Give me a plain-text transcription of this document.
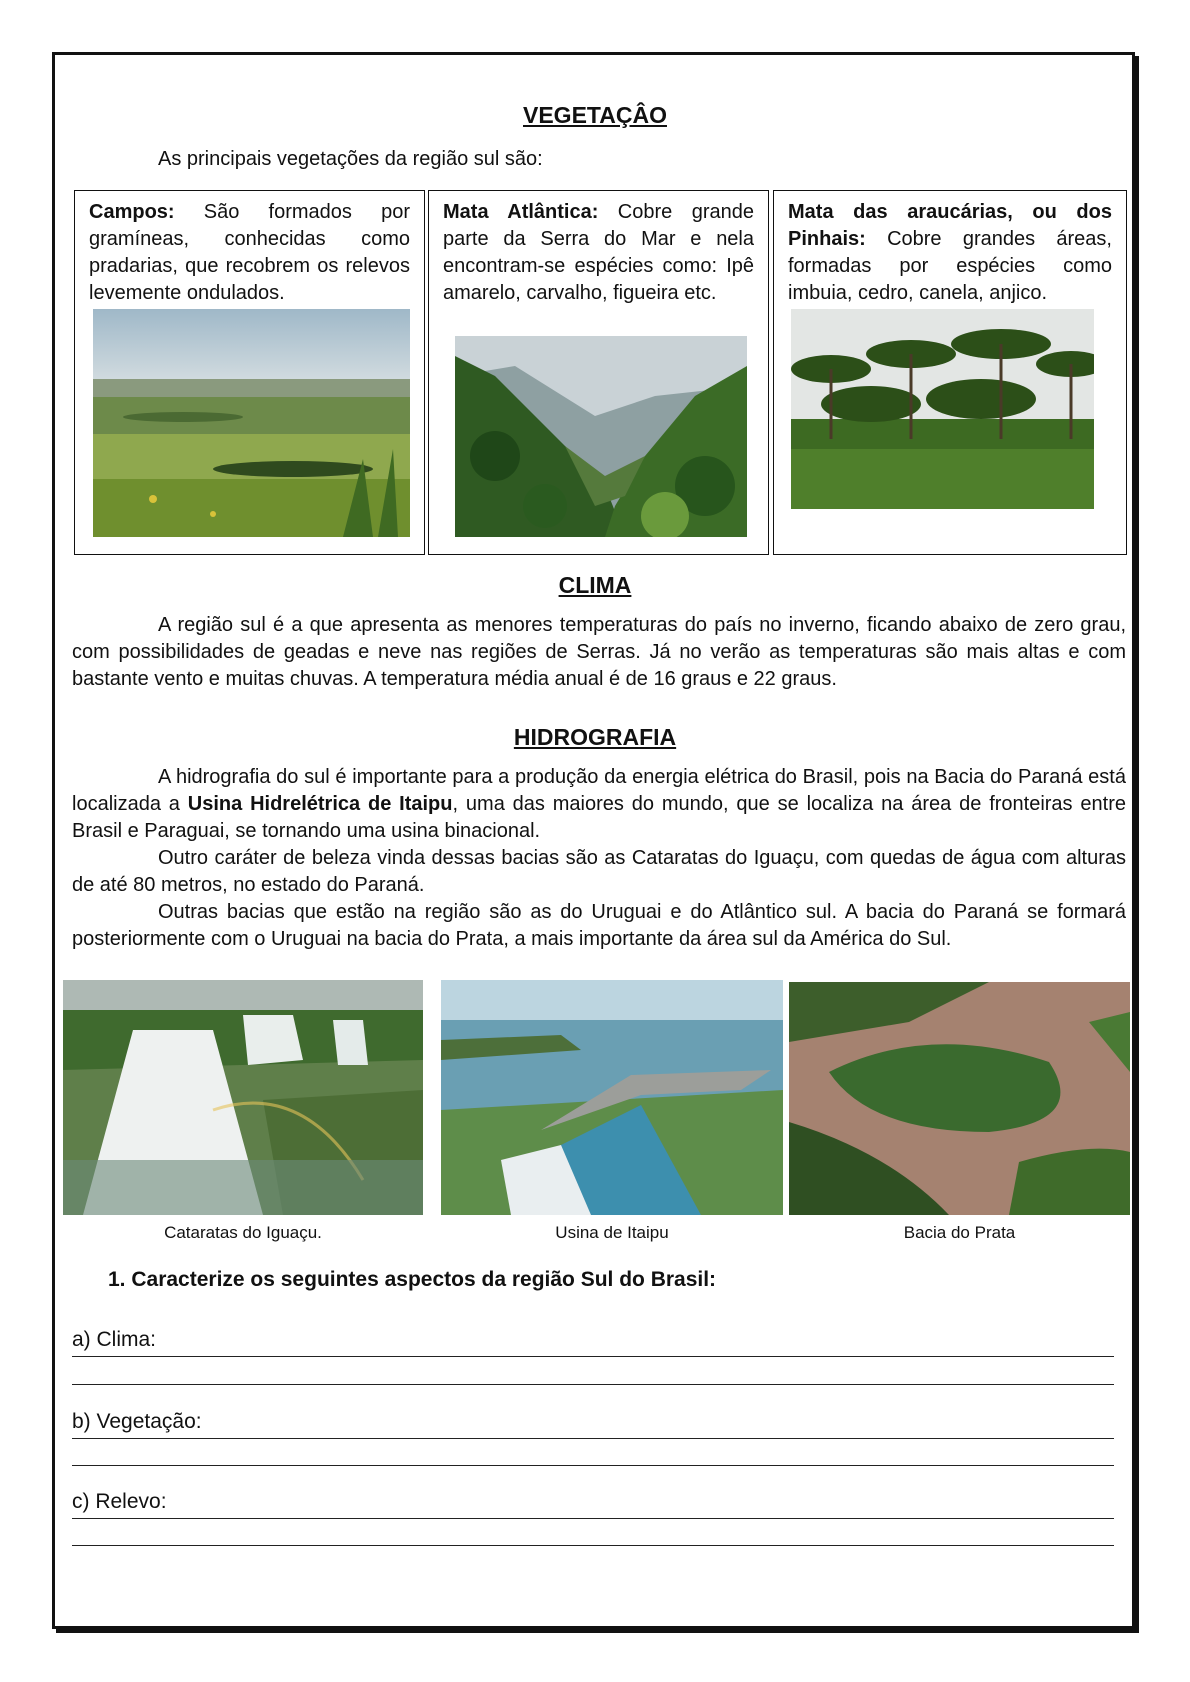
VEGETAÇÂO

As principais vegetações da região sul são:

Campos: São formados por gramíneas, conhecidas como pradarias, que recobrem os relevos levemente ondulados.

Mata Atlântica: Cobre grande parte da Serra do Mar e nela encontram-se espécies como: Ipê amarelo, carvalho, figueira etc.

Mata das araucárias, ou dos Pinhais: Cobre grandes áreas, formadas por espécies como imbuia, cedro, canela, anjico.

CLIMA

A região sul é a que apresenta as menores temperaturas do país no inverno, ficando abaixo de zero grau, com possibilidades de geadas e neve nas regiões de Serras. Já no verão as temperaturas são mais altas e com bastante vento e muitas chuvas. A temperatura média anual é de 16 graus e 22 graus.

HIDROGRAFIA

A hidrografia do sul é importante para a produção da energia elétrica do Brasil, pois na Bacia do Paraná está localizada a Usina Hidrelétrica de Itaipu, uma das maiores do mundo, que se localiza na área de fronteiras entre Brasil e Paraguai, se tornando uma usina binacional.

Outro caráter de beleza vinda dessas bacias são as Cataratas do Iguaçu, com quedas de água com alturas de até 80 metros, no estado do Paraná.

Outras bacias que estão na região são as do Uruguai e do Atlântico sul. A bacia do Paraná se formará posteriormente com o Uruguai na bacia do Prata, a mais importante da área sul da América do Sul.

Cataratas do Iguaçu.	Usina de Itaipu	Bacia do Prata
1. Caracterize os seguintes aspectos da região Sul do Brasil:
a) Clima:
b) Vegetação:
c) Relevo:
